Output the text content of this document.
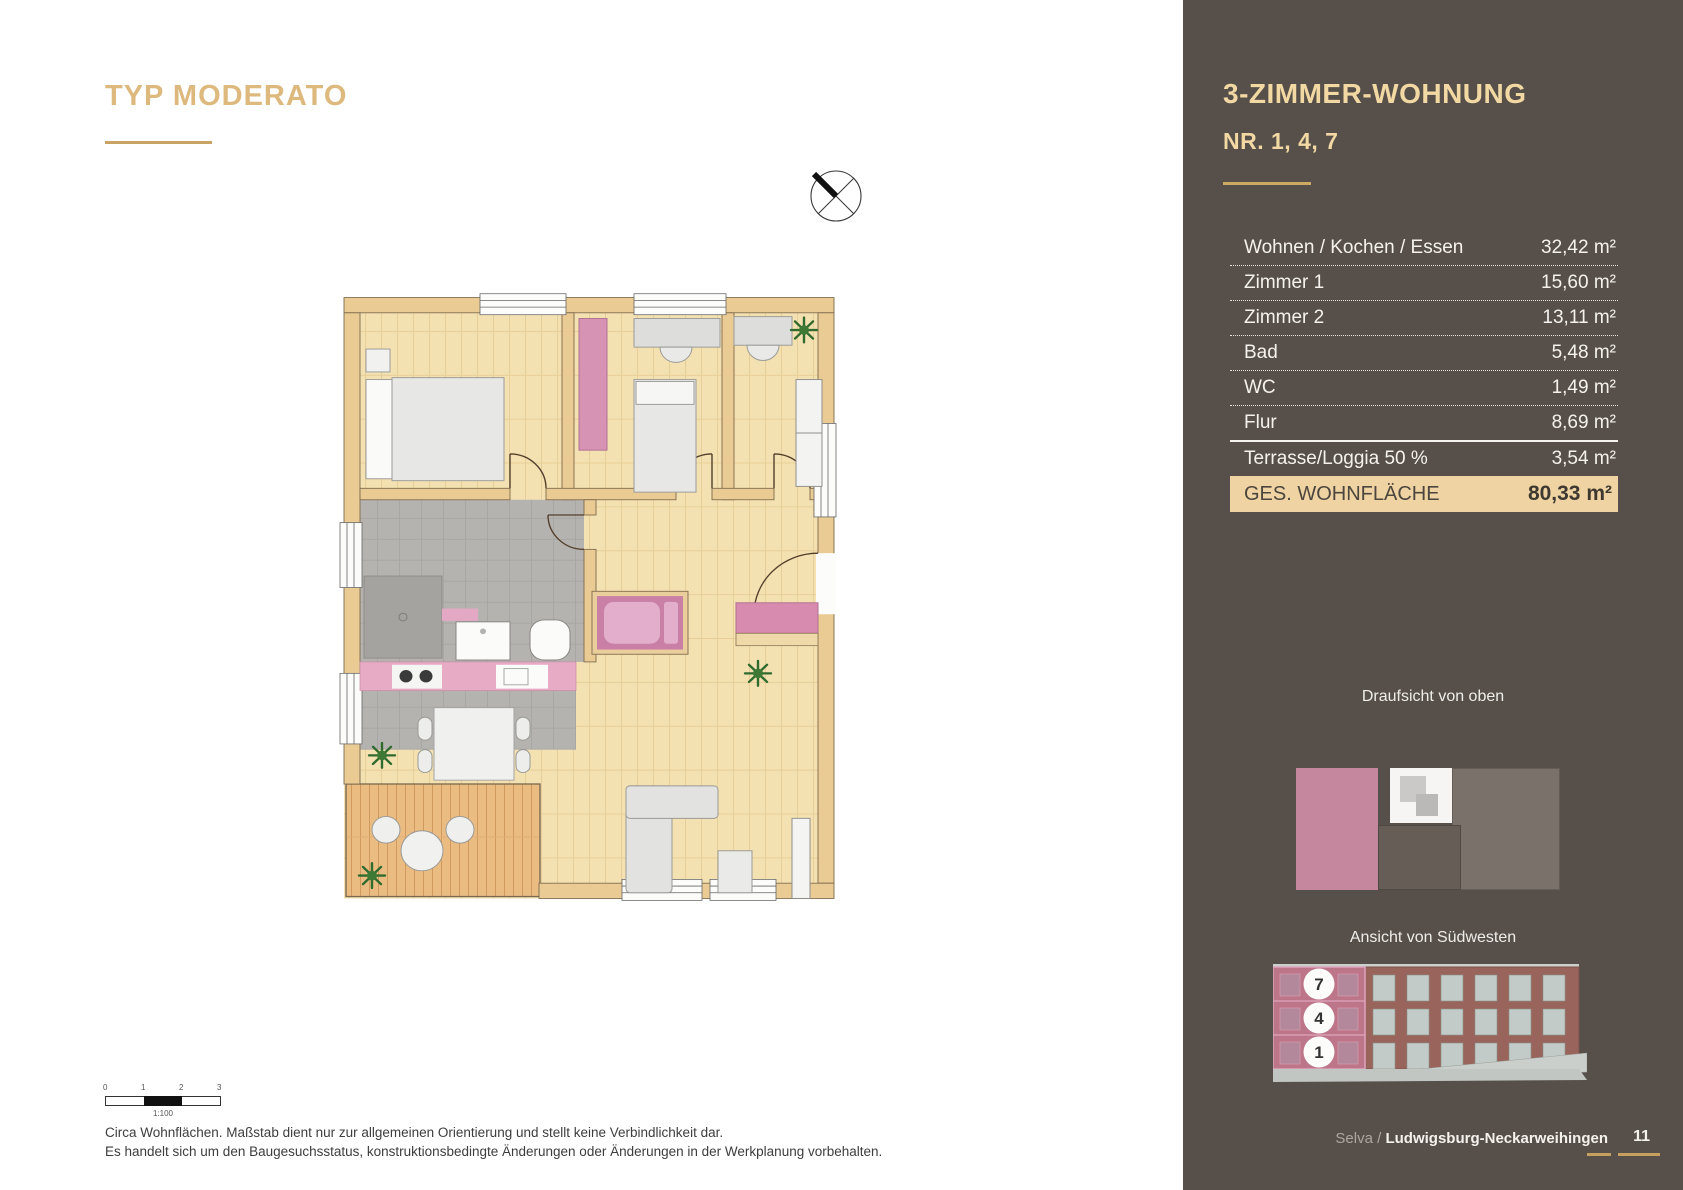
TYP MODERATO
0	1	2	3
1:100
Circa Wohnflächen. Maßstab dient nur zur allgemeinen Orientierung und stellt keine Verbindlichkeit dar.
Es handelt sich um den Baugesuchsstatus, konstruktionsbedingte Änderungen oder Änderungen in der Werkplanung vorbehalten.
3-ZIMMER-WOHNUNG
NR. 1, 4, 7
Wohnen / Kochen / Essen	32,42 m²
Zimmer 1	15,60 m²
Zimmer 2	13,11 m²
Bad	5,48 m²
WC	1,49 m²
Flur	8,69 m²
Terrasse/Loggia 50 %	3,54 m²
GES. WOHNFLÄCHE	80,33 m²
Draufsicht von oben
Ansicht von Südwesten
7
4
1
Selva / Ludwigsburg-Neckarweihingen 11
